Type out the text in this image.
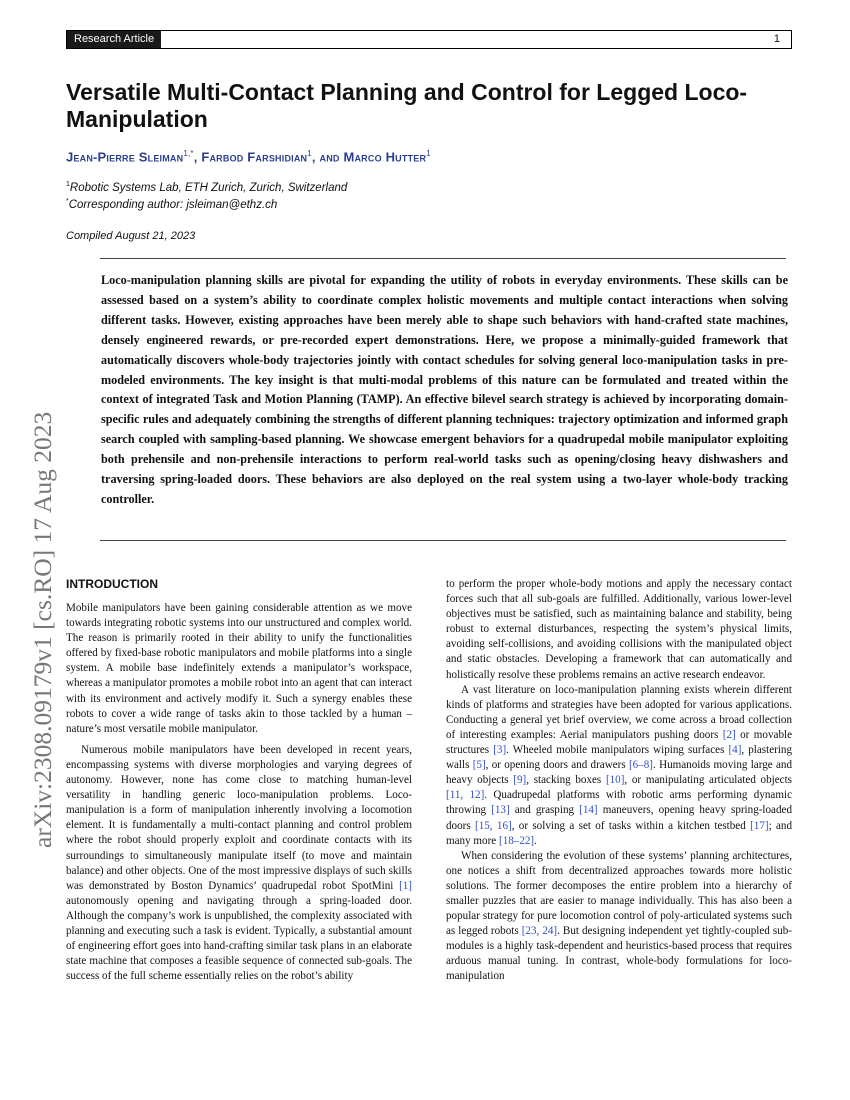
Research Article	1
Versatile Multi-Contact Planning and Control for Legged Loco-Manipulation
Jean-Pierre Sleiman$^{1,*}$, Farbod Farshidian$^1$, and Marco Hutter$^1$
$^1$Robotic Systems Lab, ETH Zurich, Zurich, Switzerland
*Corresponding author: jsleiman@ethz.ch
Compiled August 21, 2023

Loco-manipulation planning skills are pivotal for expanding the utility of robots in everyday environments. These skills can be assessed based on a system’s ability to coordinate complex holistic movements and multiple contact interactions when solving different tasks. However, existing approaches have been merely able to shape such behaviors with hand-crafted state machines, densely engineered rewards, or pre-recorded expert demonstrations. Here, we propose a minimally-guided framework that automatically discovers whole-body trajectories jointly with contact schedules for solving general loco-manipulation tasks in pre-modeled environments. The key insight is that multi-modal problems of this nature can be formulated and treated within the context of integrated Task and Motion Planning (TAMP). An effective bilevel search strategy is achieved by incorporating domain-specific rules and adequately combining the strengths of different planning techniques: trajectory optimization and informed graph search coupled with sampling-based planning. We showcase emergent behaviors for a quadrupedal mobile manipulator exploiting both prehensile and non-prehensile interactions to perform real-world tasks such as opening/closing heavy dishwashers and traversing spring-loaded doors. These behaviors are also deployed on the real system using a two-layer whole-body tracking controller.

arXiv:2308.09179v1 [cs.RO] 17 Aug 2023 INTRODUCTION

Mobile manipulators have been gaining considerable attention as we move towards integrating robotic systems into our unstructured and complex world. The reason is primarily rooted in their ability to unify the functionalities offered by fixed-base robotic manipulators and mobile platforms into a single system. A mobile base indefinitely extends a manipulator’s workspace, whereas a manipulator promotes a mobile robot into an agent that can interact with its environment and actively modify it. Such a synergy enables these robots to cover a wide range of tasks akin to those tackled by a human – nature’s most versatile mobile manipulator.

Numerous mobile manipulators have been developed in recent years, encompassing systems with diverse morphologies and varying degrees of autonomy. However, none has come close to matching human-level versatility in handling generic loco-manipulation problems. Loco-manipulation is a form of manipulation inherently involving a locomotion element. It is fundamentally a multi-contact planning and control problem where the robot should properly exploit and coordinate contacts with its surroundings to simultaneously manipulate itself (to move and maintain balance) and other objects. One of the most impressive displays of such skills was demonstrated by Boston Dynamics’ quadrupedal robot SpotMini [1] autonomously opening and navigating through a spring-loaded door. Although the company’s work is unpublished, the complexity associated with planning and executing such a task is evident. Typically, a substantial amount of engineering effort goes into hand-crafting similar task plans in an elaborate state machine that composes a feasible sequence of connected sub-goals. The success of the full scheme essentially relies on the robot’s ability

to perform the proper whole-body motions and apply the necessary contact forces such that all sub-goals are fulfilled. Additionally, various lower-level objectives must be satisfied, such as maintaining balance and stability, being robust to external disturbances, respecting the system’s physical limits, avoiding self-collisions, and avoiding collisions with the manipulated object and static obstacles. Developing a framework that can automatically and holistically resolve these problems remains an active research endeavor.

A vast literature on loco-manipulation planning exists wherein different kinds of platforms and strategies have been adopted for various applications. Conducting a general yet brief overview, we come across a broad collection of interesting examples: Aerial manipulators pushing doors [2] or movable structures [3]. Wheeled mobile manipulators wiping surfaces [4], plastering walls [5], or opening doors and drawers [6–8]. Humanoids moving large and heavy objects [9], stacking boxes [10], or manipulating articulated objects [11, 12]. Quadrupedal platforms with robotic arms performing dynamic throwing [13] and grasping [14] maneuvers, opening heavy spring-loaded doors [15, 16], or solving a set of tasks within a kitchen testbed [17]; and many more [18–22].

When considering the evolution of these systems’ planning architectures, one notices a shift from decentralized approaches towards more holistic solutions. The former decomposes the entire problem into a hierarchy of smaller puzzles that are easier to manage individually. This has also been a popular strategy for pure locomotion control of poly-articulated systems such as legged robots [23, 24]. But designing independent yet tightly-coupled sub-modules is a highly task-dependent and heuristics-based process that requires arduous manual tuning. In contrast, whole-body formulations for loco-manipulation
